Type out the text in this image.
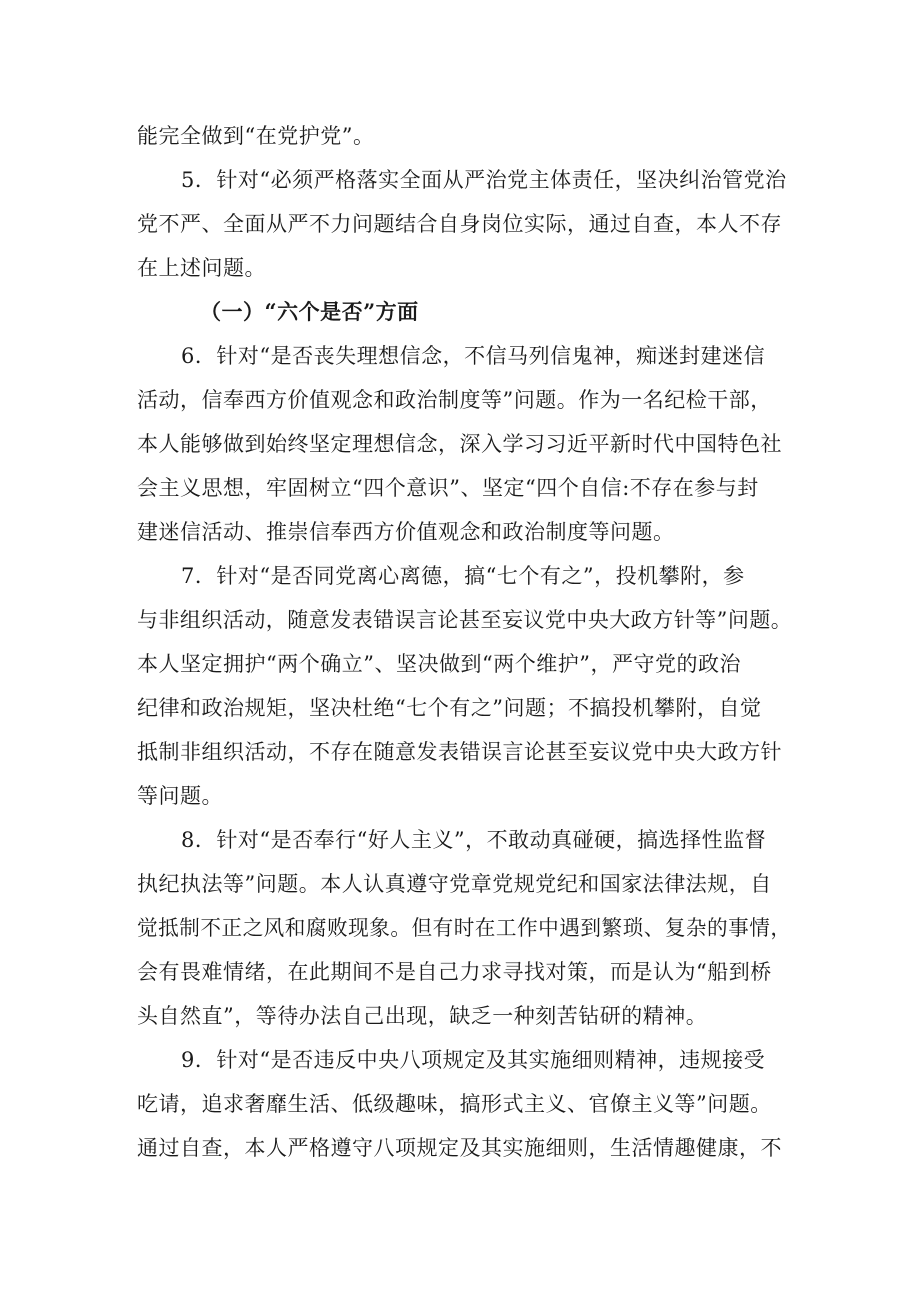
能完全做到“在党护党”。
5．针对“必须严格落实全面从严治党主体责任，坚决纠治管党治
党不严、全面从严不力问题结合自身岗位实际，通过自查，本人不存
在上述问题。
（一）“六个是否”方面
6．针对“是否丧失理想信念，不信马列信鬼神，痴迷封建迷信
活动，信奉西方价值观念和政治制度等”问题。作为一名纪检干部，
本人能够做到始终坚定理想信念，深入学习习近平新时代中国特色社
会主义思想，牢固树立“四个意识”、坚定“四个自信:不存在参与封
建迷信活动、推崇信奉西方价值观念和政治制度等问题。
7．针对“是否同党离心离德，搞“七个有之”，投机攀附，参
与非组织活动，随意发表错误言论甚至妄议党中央大政方针等”问题。
本人坚定拥护“两个确立”、坚决做到“两个维护”，严守党的政治
纪律和政治规矩，坚决杜绝“七个有之”问题；不搞投机攀附，自觉
抵制非组织活动，不存在随意发表错误言论甚至妄议党中央大政方针
等问题。
8．针对“是否奉行“好人主义”，不敢动真碰硬，搞选择性监督
执纪执法等”问题。本人认真遵守党章党规党纪和国家法律法规，自
觉抵制不正之风和腐败现象。但有时在工作中遇到繁琐、复杂的事情，
会有畏难情绪，在此期间不是自己力求寻找对策，而是认为“船到桥
头自然直”，等待办法自己出现，缺乏一种刻苦钻研的精神。
9．针对“是否违反中央八项规定及其实施细则精神，违规接受
吃请，追求奢靡生活、低级趣味，搞形式主义、官僚主义等”问题。
通过自查，本人严格遵守八项规定及其实施细则，生活情趣健康，不
